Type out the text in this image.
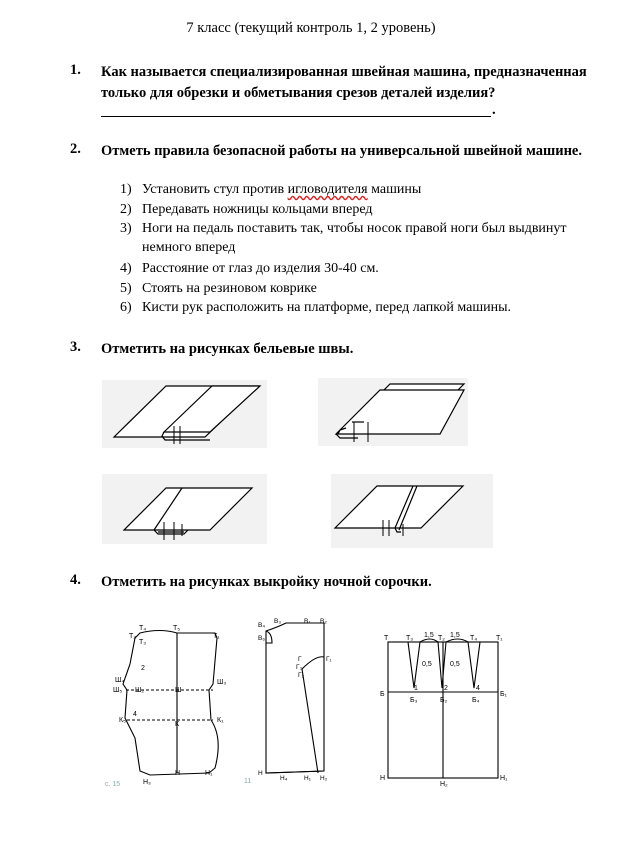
7 класс (текущий контроль 1, 2 уровень)
1. Как называется специализированная швейная машина, предназначенная
только для обрезки и обметывания срезов деталей изделия?
.
2. Отметь правила безопасной работы на универсальной швейной машине.
1) Установить стул против игловодителя машины
2) Передавать ножницы кольцами вперед
3) Ноги на педаль поставить так, чтобы носок правой ноги был выдвинут
немного вперед
4) Расстояние от глаз до изделия 30-40 см.
5) Стоять на резиновом коврике
6) Кисти рук расположить на платформе, перед лапкой машины.
3. Отметить на рисунках бельевые швы.
4. Отметить на рисунках выкройку ночной сорочки.
Т₄	Т₅
Т₂
Т₃
Т₁
2
Ш₄
Ш₅ Ш₂	Ш
Ш₃
4
К₅
К
К₁
Н	Н₁
Н₃
с. 15
В₄
В₃	В₁ В₂
В₆
Г	Г₁
Г₃
Г₂
Н
Н₄	Н₁ Н₂
11
Т	Т₃ 1,5 Т₂ 1,5 Т₄	Т₁
0,5	0,5
Б
1
Б₃
2
Б₂
4
Б₄
Б₁
Н
Н₂
Н₁
